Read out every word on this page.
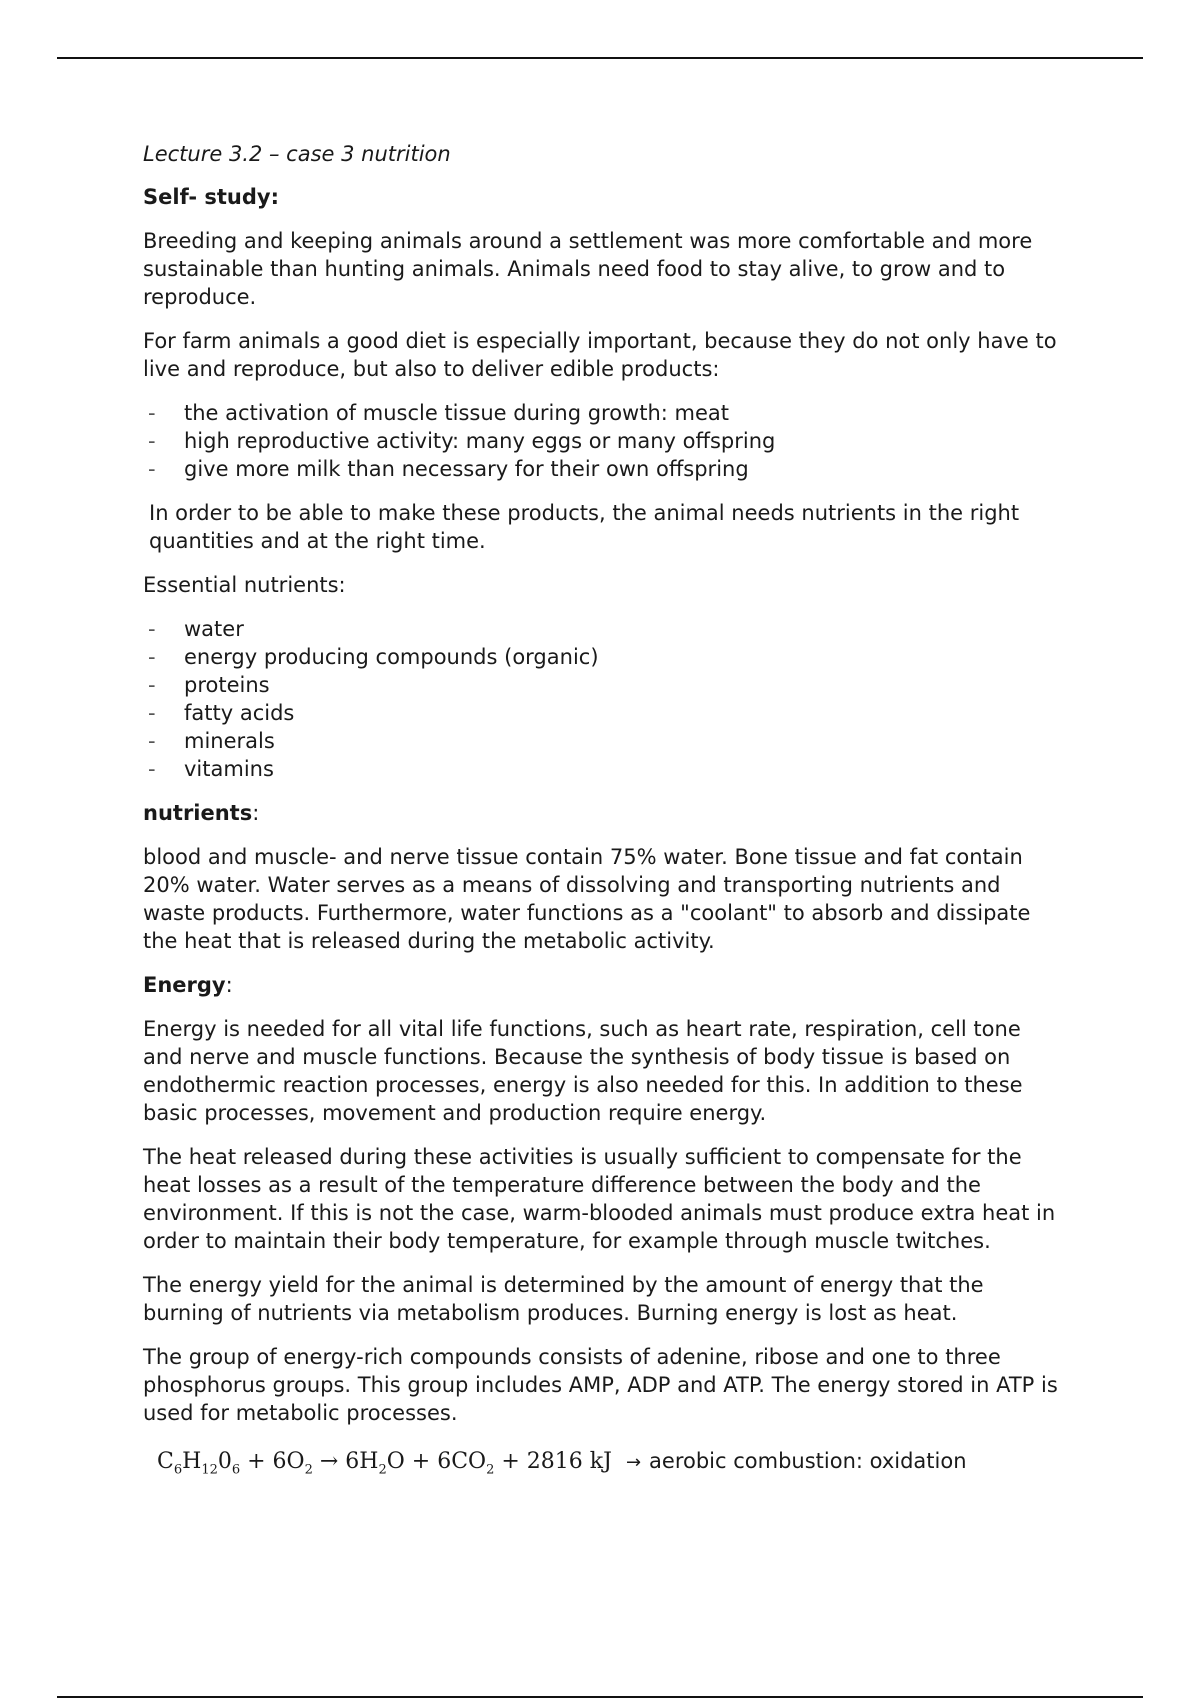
Lecture 3.2 – case 3 nutrition

Self- study:

Breeding and keeping animals around a settlement was more comfortable and more sustainable than hunting animals. Animals need food to stay alive, to grow and to reproduce.

For farm animals a good diet is especially important, because they do not only have to live and reproduce, but also to deliver edible products:

- the activation of muscle tissue during growth: meat
- high reproductive activity: many eggs or many offspring
- give more milk than necessary for their own offspring

In order to be able to make these products, the animal needs nutrients in the right quantities and at the right time.

Essential nutrients:

- water
- energy producing compounds (organic)
- proteins
- fatty acids
- minerals
- vitamins

nutrients:

blood and muscle- and nerve tissue contain 75% water. Bone tissue and fat contain 20% water. Water serves as a means of dissolving and transporting nutrients and waste products. Furthermore, water functions as a "coolant" to absorb and dissipate the heat that is released during the metabolic activity.

Energy:

Energy is needed for all vital life functions, such as heart rate, respiration, cell tone and nerve and muscle functions. Because the synthesis of body tissue is based on endothermic reaction processes, energy is also needed for this. In addition to these basic processes, movement and production require energy.

The heat released during these activities is usually sufficient to compensate for the heat losses as a result of the temperature difference between the body and the environment. If this is not the case, warm-blooded animals must produce extra heat in order to maintain their body temperature, for example through muscle twitches.

The energy yield for the animal is determined by the amount of energy that the burning of nutrients via metabolism produces. Burning energy is lost as heat.

The group of energy-rich compounds consists of adenine, ribose and one to three phosphorus groups. This group includes AMP, ADP and ATP. The energy stored in ATP is used for metabolic processes.

$C_6H_{12}0_6 + 6O_2 \to 6H_2O + 6CO_2 + 2816$ kJ → aerobic combustion: oxidation
